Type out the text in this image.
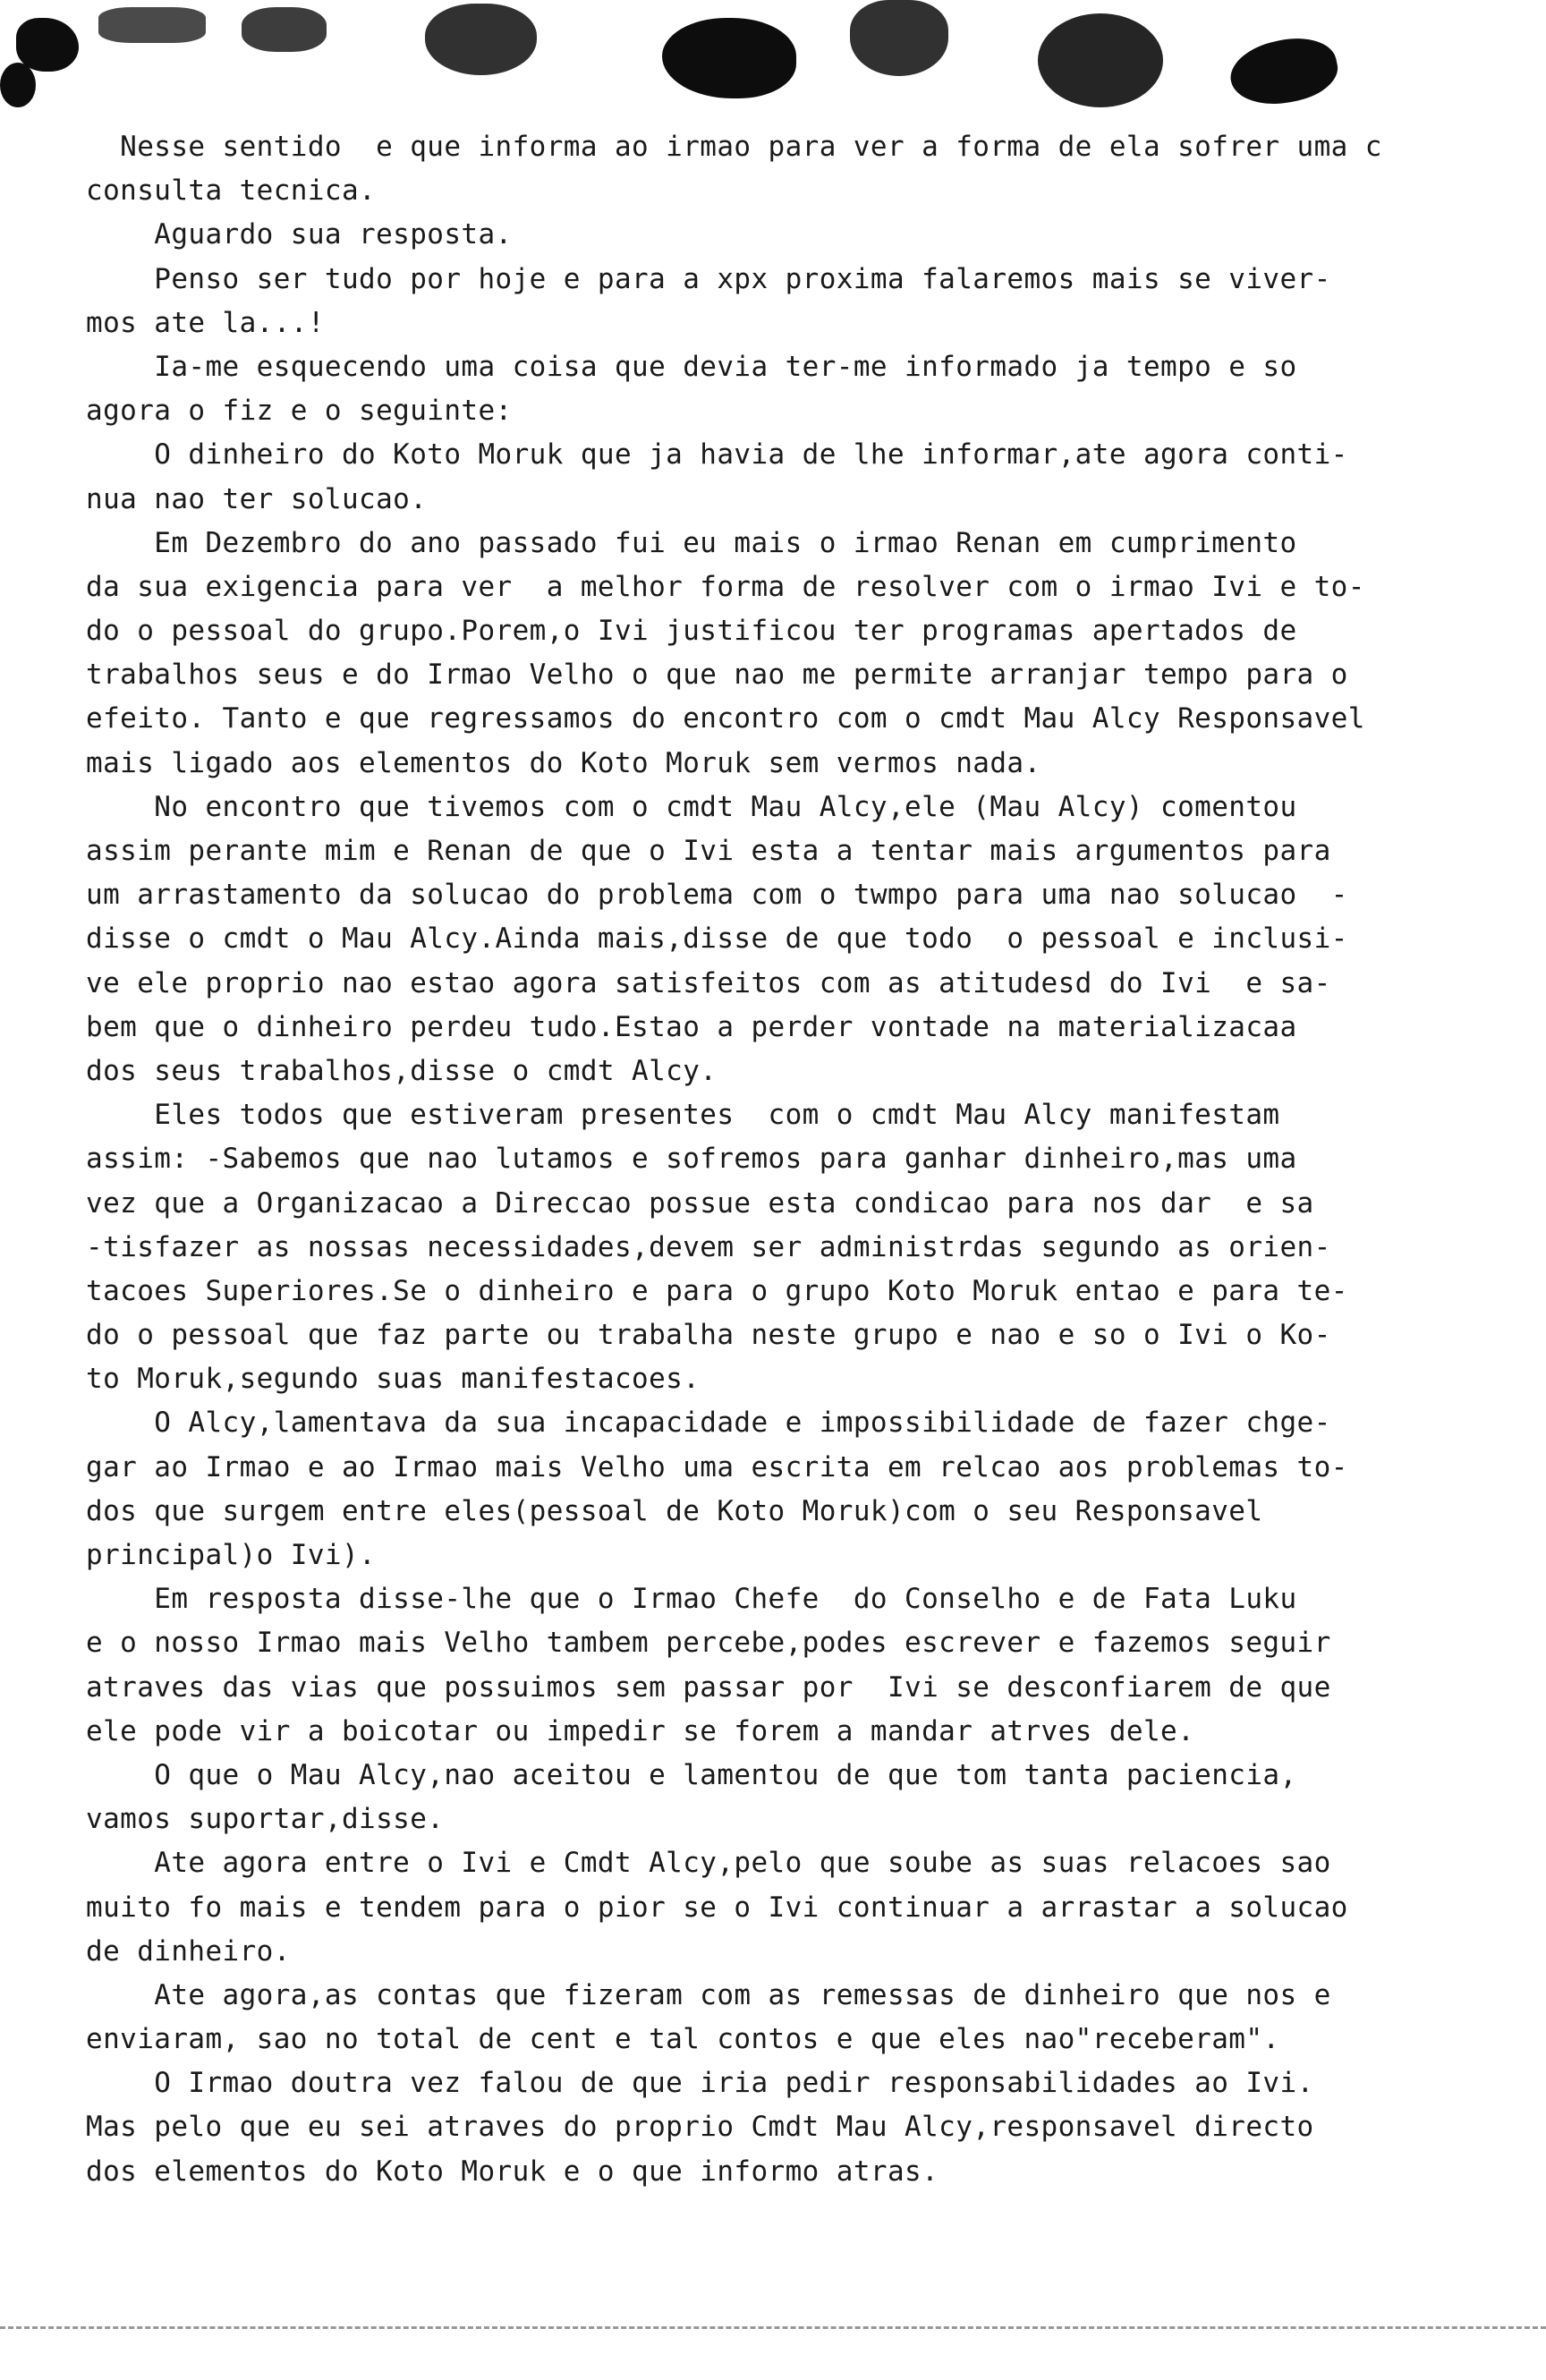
Nesse sentido  e que informa ao irmao para ver a forma de ela sofrer uma c
consulta tecnica.
Aguardo sua resposta.
Penso ser tudo por hoje e para a xpx proxima falaremos mais se viver-
mos ate la...!
Ia-me esquecendo uma coisa que devia ter-me informado ja tempo e so
agora o fiz e o seguinte:
O dinheiro do Koto Moruk que ja havia de lhe informar,ate agora conti-
nua nao ter solucao.
Em Dezembro do ano passado fui eu mais o irmao Renan em cumprimento
da sua exigencia para ver  a melhor forma de resolver com o irmao Ivi e to-
do o pessoal do grupo.Porem,o Ivi justificou ter programas apertados de
trabalhos seus e do Irmao Velho o que nao me permite arranjar tempo para o
efeito. Tanto e que regressamos do encontro com o cmdt Mau Alcy Responsavel
mais ligado aos elementos do Koto Moruk sem vermos nada.
No encontro que tivemos com o cmdt Mau Alcy,ele (Mau Alcy) comentou
assim perante mim e Renan de que o Ivi esta a tentar mais argumentos para
um arrastamento da solucao do problema com o twmpo para uma nao solucao  -
disse o cmdt o Mau Alcy.Ainda mais,disse de que todo  o pessoal e inclusi-
ve ele proprio nao estao agora satisfeitos com as atitudesd do Ivi  e sa-
bem que o dinheiro perdeu tudo.Estao a perder vontade na materializacaa
dos seus trabalhos,disse o cmdt Alcy.
Eles todos que estiveram presentes  com o cmdt Mau Alcy manifestam
assim: -Sabemos que nao lutamos e sofremos para ganhar dinheiro,mas uma
vez que a Organizacao a Direccao possue esta condicao para nos dar  e sa
-tisfazer as nossas necessidades,devem ser administrdas segundo as orien-
tacoes Superiores.Se o dinheiro e para o grupo Koto Moruk entao e para te-
do o pessoal que faz parte ou trabalha neste grupo e nao e so o Ivi o Ko-
to Moruk,segundo suas manifestacoes.
O Alcy,lamentava da sua incapacidade e impossibilidade de fazer chge-
gar ao Irmao e ao Irmao mais Velho uma escrita em relcao aos problemas to-
dos que surgem entre eles(pessoal de Koto Moruk)com o seu Responsavel
principal)o Ivi).
Em resposta disse-lhe que o Irmao Chefe  do Conselho e de Fata Luku
e o nosso Irmao mais Velho tambem percebe,podes escrever e fazemos seguir
atraves das vias que possuimos sem passar por  Ivi se desconfiarem de que
ele pode vir a boicotar ou impedir se forem a mandar atrves dele.
O que o Mau Alcy,nao aceitou e lamentou de que tom tanta paciencia,
vamos suportar,disse.
Ate agora entre o Ivi e Cmdt Alcy,pelo que soube as suas relacoes sao
muito fo mais e tendem para o pior se o Ivi continuar a arrastar a solucao
de dinheiro.
Ate agora,as contas que fizeram com as remessas de dinheiro que nos e
enviaram, sao no total de cent e tal contos e que eles nao"receberam".
O Irmao doutra vez falou de que iria pedir responsabilidades ao Ivi.
Mas pelo que eu sei atraves do proprio Cmdt Mau Alcy,responsavel directo
dos elementos do Koto Moruk e o que informo atras.
